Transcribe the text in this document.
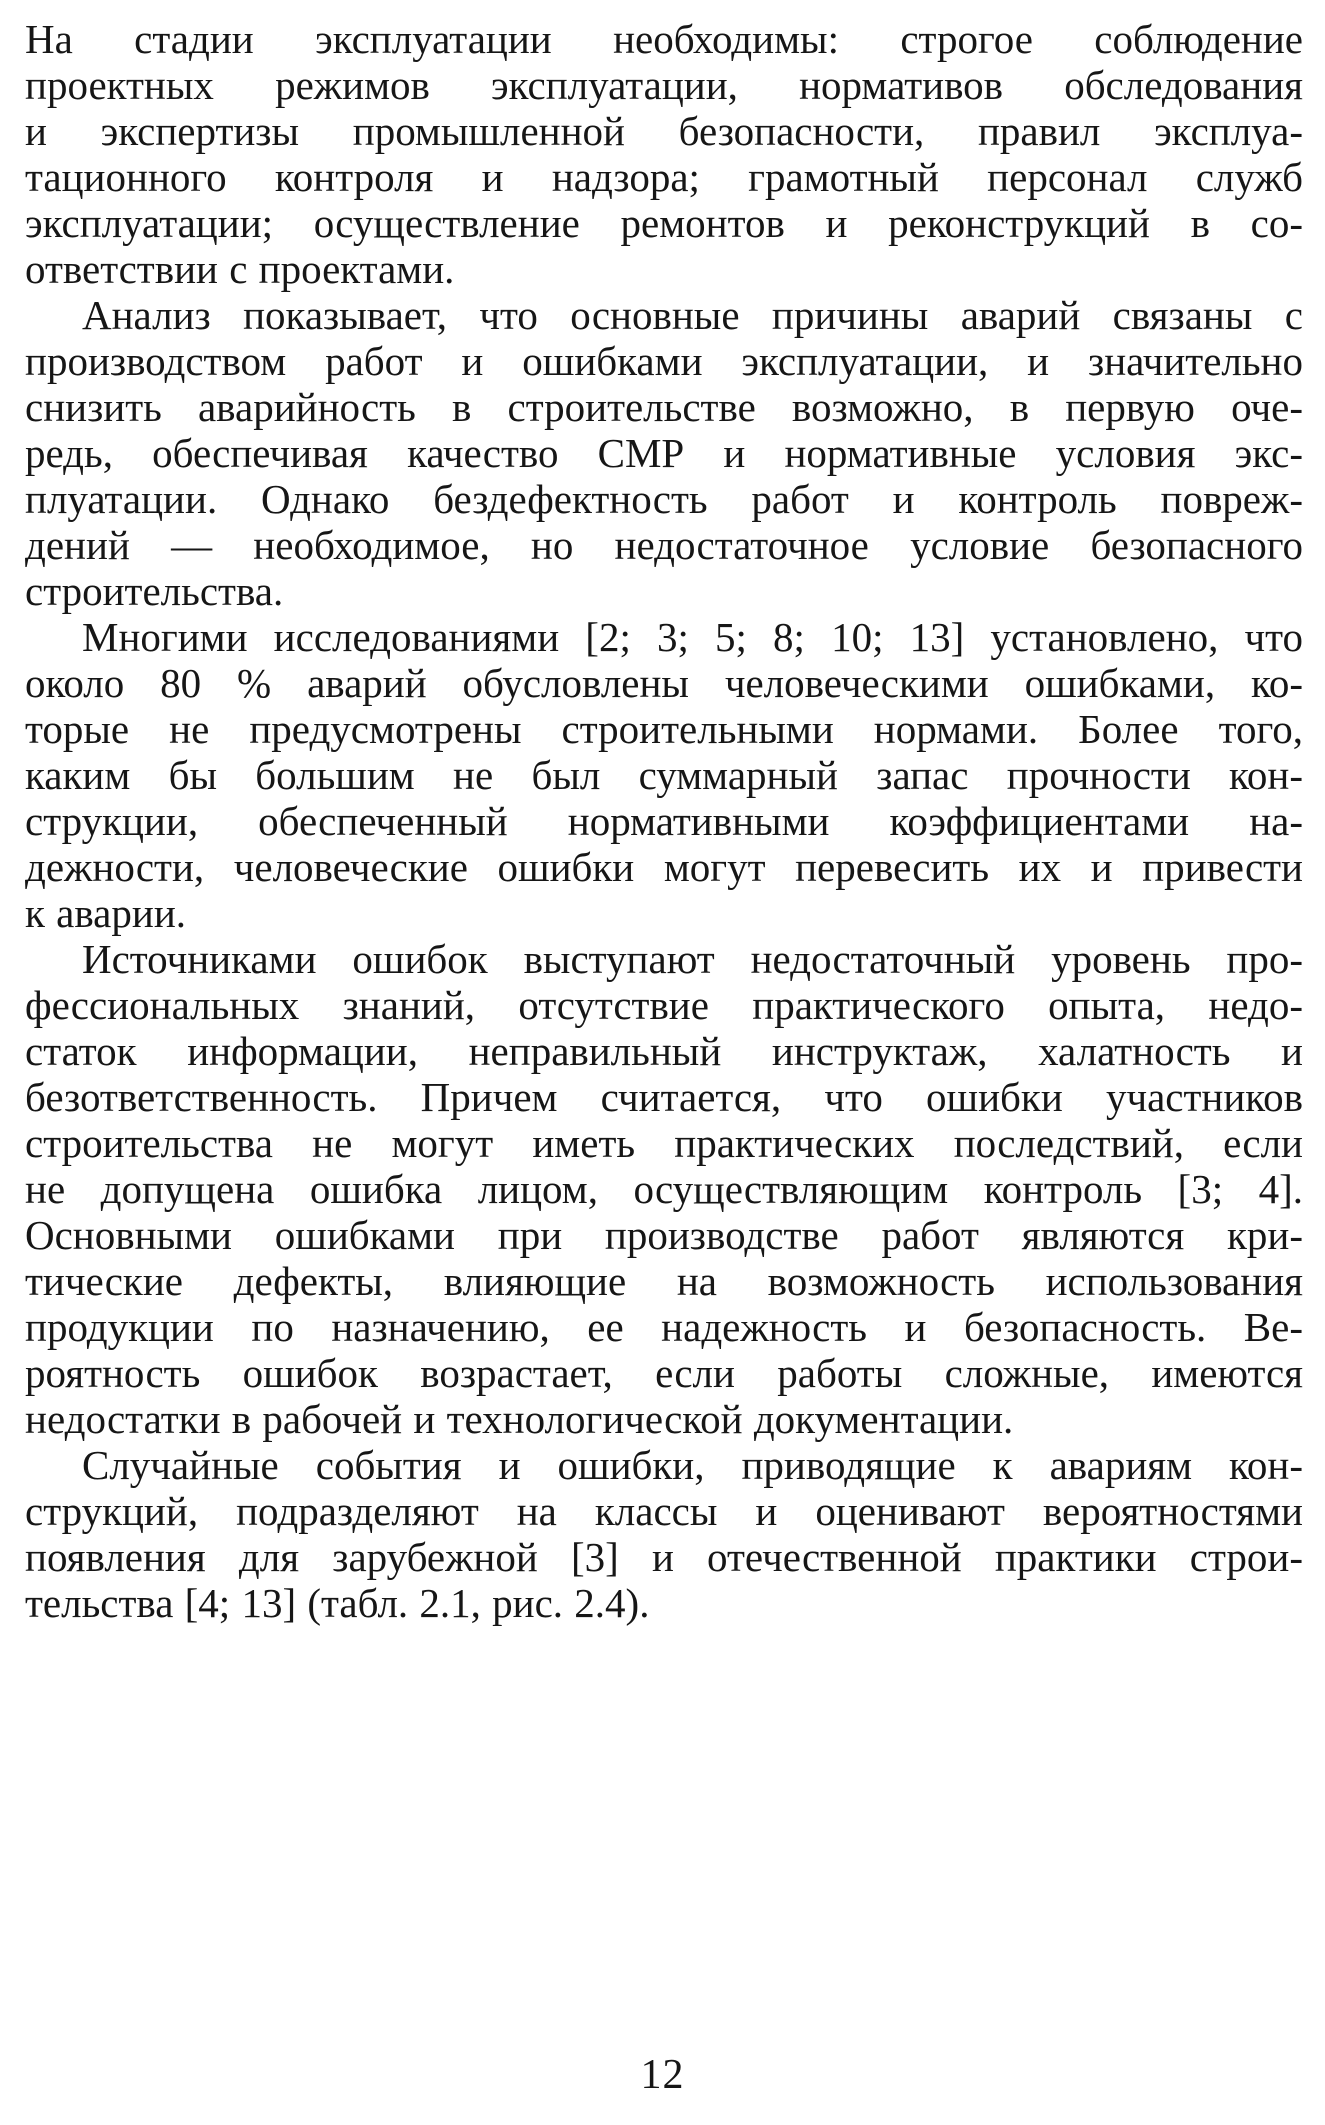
На стадии эксплуатации необходимы: строгое соблюдение
проектных режимов эксплуатации, нормативов обследования
и экспертизы промышленной безопасности, правил эксплуа-
тационного контроля и надзора; грамотный персонал служб
эксплуатации; осуществление ремонтов и реконструкций в со-
ответствии с проектами.
Анализ показывает, что основные причины аварий связаны с
производством работ и ошибками эксплуатации, и значительно
снизить аварийность в строительстве возможно, в первую оче-
редь, обеспечивая качество СМР и нормативные условия экс-
плуатации. Однако бездефектность работ и контроль повреж-
дений — необходимое, но недостаточное условие безопасного
строительства.
Многими исследованиями [2; 3; 5; 8; 10; 13] установлено, что
около 80 % аварий обусловлены человеческими ошибками, ко-
торые не предусмотрены строительными нормами. Более того,
каким бы большим не был суммарный запас прочности кон-
струкции, обеспеченный нормативными коэффициентами на-
дежности, человеческие ошибки могут перевесить их и привести
к аварии.
Источниками ошибок выступают недостаточный уровень про-
фессиональных знаний, отсутствие практического опыта, недо-
статок информации, неправильный инструктаж, халатность и
безответственность. Причем считается, что ошибки участников
строительства не могут иметь практических последствий, если
не допущена ошибка лицом, осуществляющим контроль [3; 4].
Основными ошибками при производстве работ являются кри-
тические дефекты, влияющие на возможность использования
продукции по назначению, ее надежность и безопасность. Ве-
роятность ошибок возрастает, если работы сложные, имеются
недостатки в рабочей и технологической документации.
Случайные события и ошибки, приводящие к авариям кон-
струкций, подразделяют на классы и оценивают вероятностями
появления для зарубежной [3] и отечественной практики строи-
тельства [4; 13] (табл. 2.1, рис. 2.4).
12
